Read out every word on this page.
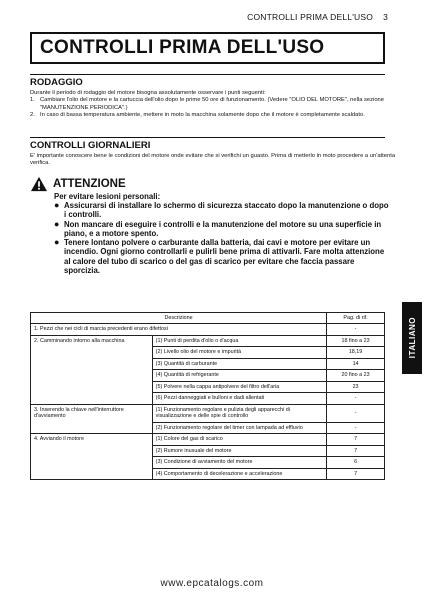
CONTROLLI PRIMA DELL'USO 3
CONTROLLI PRIMA DELL'USO
RODAGGIO
Durante il periodo di rodaggio del motore bisogna assolutamente osservare i punti seguenti:
1. Cambiare l'olio del motore e la cartuccia dell'olio dopo le prime 50 ore di funzionamento. (Vedere "OLIO DEL MOTORE", nella sezione "MANUTENZIONE PERIODICA".)
2. In caso di bassa temperatura ambiente, mettere in moto la macchina solamente dopo che il motore è completamente scaldato.
CONTROLLI GIORNALIERI
E' importante conoscere bene le condizioni del motore onde evitare che si verifichi un guasto. Prima di metterlo in moto procedere a un'attenta verifica.
ATTENZIONE
Per evitare lesioni personali:
● Assicurarsi di installare lo schermo di sicurezza staccato dopo la manutenzione o dopo i controlli.
● Non mancare di eseguire i controlli e la manutenzione del motore su una superficie in piano, e a motore spento.
● Tenere lontano polvere o carburante dalla batteria, dai cavi e motore per evitare un incendio. Ogni giorno controllarli e pulirli bene prima di attivarli. Fare molta attenzione al calore del tubo di scarico o del gas di scarico per evitare che faccia passare sporcizia.
Descrizione		Pag. di rif.
1. Pezzi che nei cicli di marcia precedenti erano difettosi		-
2. Camminando intorno alla macchina	(1) Punti di perdita d'olio o d'acqua	18 fino a 23
	(2) Livello olio del motore e impurità	18,19
	(3) Quantità di carburante	14
	(4) Quantità di refrigerante	20 fino a 23
	(5) Polvere nella cappa antipolvere del filtro dell'aria	23
	(6) Pezzi danneggiati e bulloni e dadi allentati	-
3. Inserendo la chiave nell'interruttore d'avviamento	(1) Funzionamento regolare e pulizia degli apparecchi di visualizzazione e delle spie di controllo	-
	(2) Funzionamento regolare del timer con lampada ad effluvio	-
4. Avviando il motore	(1) Colore del gas di scarico	7
	(2) Rumore inusuale del motore	7
	(3) Condizione di avviamento del motore	6
	(4) Comportamento di decelerazione e accelerazione	7
ITALIANO
www.epcatalogs.com
